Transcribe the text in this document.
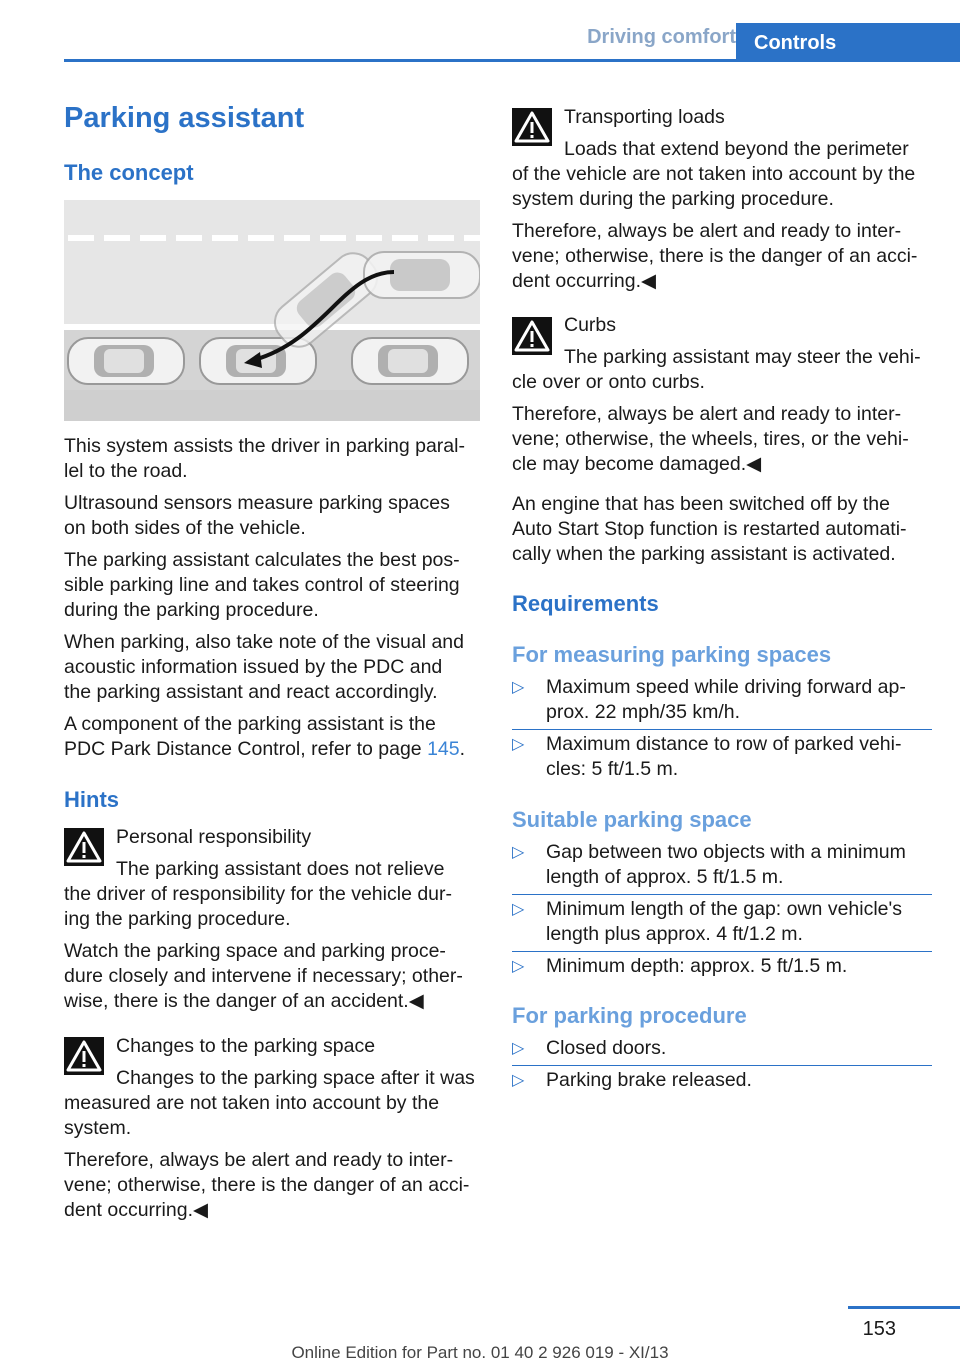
Driving comfort Controls
Parking assistant
The concept

This system assists the driver in parking paral-
lel to the road.

Ultrasound sensors measure parking spaces
on both sides of the vehicle.

The parking assistant calculates the best pos-
sible parking line and takes control of steering
during the parking procedure.

When parking, also take note of the visual and
acoustic information issued by the PDC and
the parking assistant and react accordingly.

A component of the parking assistant is the
PDC Park Distance Control, refer to page 145.

Hints

Personal responsibility

The parking assistant does not relieve
the driver of responsibility for the vehicle dur-
ing the parking procedure.

Watch the parking space and parking proce-
dure closely and intervene if necessary; other-
wise, there is the danger of an accident.◀

Changes to the parking space

Changes to the parking space after it was
measured are not taken into account by the
system.

Therefore, always be alert and ready to inter-
vene; otherwise, there is the danger of an acci-
dent occurring.◀

Transporting loads

Loads that extend beyond the perimeter
of the vehicle are not taken into account by the
system during the parking procedure.

Therefore, always be alert and ready to inter-
vene; otherwise, there is the danger of an acci-
dent occurring.◀

Curbs

The parking assistant may steer the vehi-
cle over or onto curbs.

Therefore, always be alert and ready to inter-
vene; otherwise, the wheels, tires, or the vehi-
cle may become damaged.◀

An engine that has been switched off by the
Auto Start Stop function is restarted automati-
cally when the parking assistant is activated.

Requirements
For measuring parking spaces
▷ Maximum speed while driving forward ap-
prox. 22 mph/35 km/h.
▷ Maximum distance to row of parked vehi-
cles: 5 ft/1.5 m.
Suitable parking space
▷ Gap between two objects with a minimum
length of approx. 5 ft/1.5 m.
▷ Minimum length of the gap: own vehicle's
length plus approx. 4 ft/1.2 m.
▷ Minimum depth: approx. 5 ft/1.5 m.
For parking procedure
▷ Closed doors.
▷ Parking brake released.
153
Online Edition for Part no. 01 40 2 926 019 - XI/13
